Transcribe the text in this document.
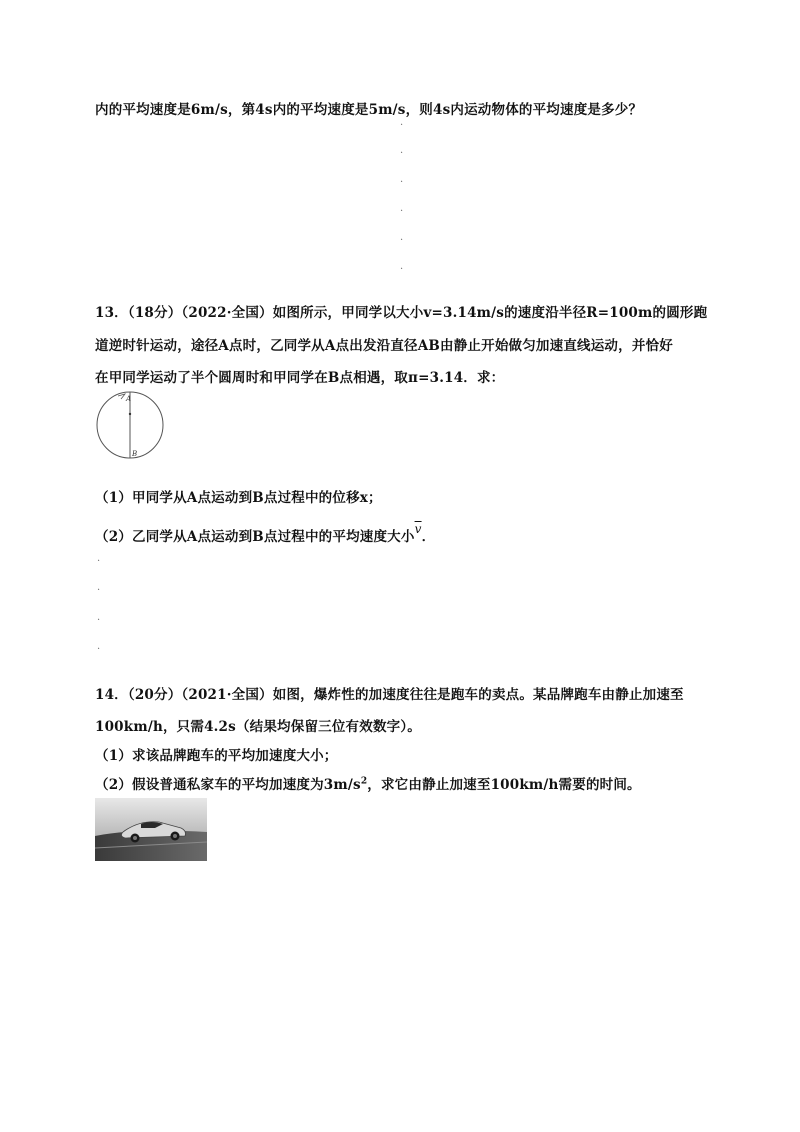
内的平均速度是6m/s，第4s内的平均速度是5m/s，则4s内运动物体的平均速度是多少？
·
·
·
·
·
·
13．（18分）（2022·全国）如图所示，甲同学以大小v=3.14m/s的速度沿半径R=100m的圆形跑
道逆时针运动，途径A点时，乙同学从A点出发沿直径AB由静止开始做匀加速直线运动，并恰好
在甲同学运动了半个圆周时和甲同学在B点相遇，取π=3.14．求：
A
B
（1）甲同学从A点运动到B点过程中的位移x；
（2）乙同学从A点运动到B点过程中的平均速度大小$\overline{v}$．
·
·
·
·
14．（20分）（2021·全国）如图，爆炸性的加速度往往是跑车的卖点。某品牌跑车由静止加速至
100km/h，只需4.2s（结果均保留三位有效数字）。
（1）求该品牌跑车的平均加速度大小；
（2）假设普通私家车的平均加速度为$3m/s^2$，求它由静止加速至100km/h需要的时间。
